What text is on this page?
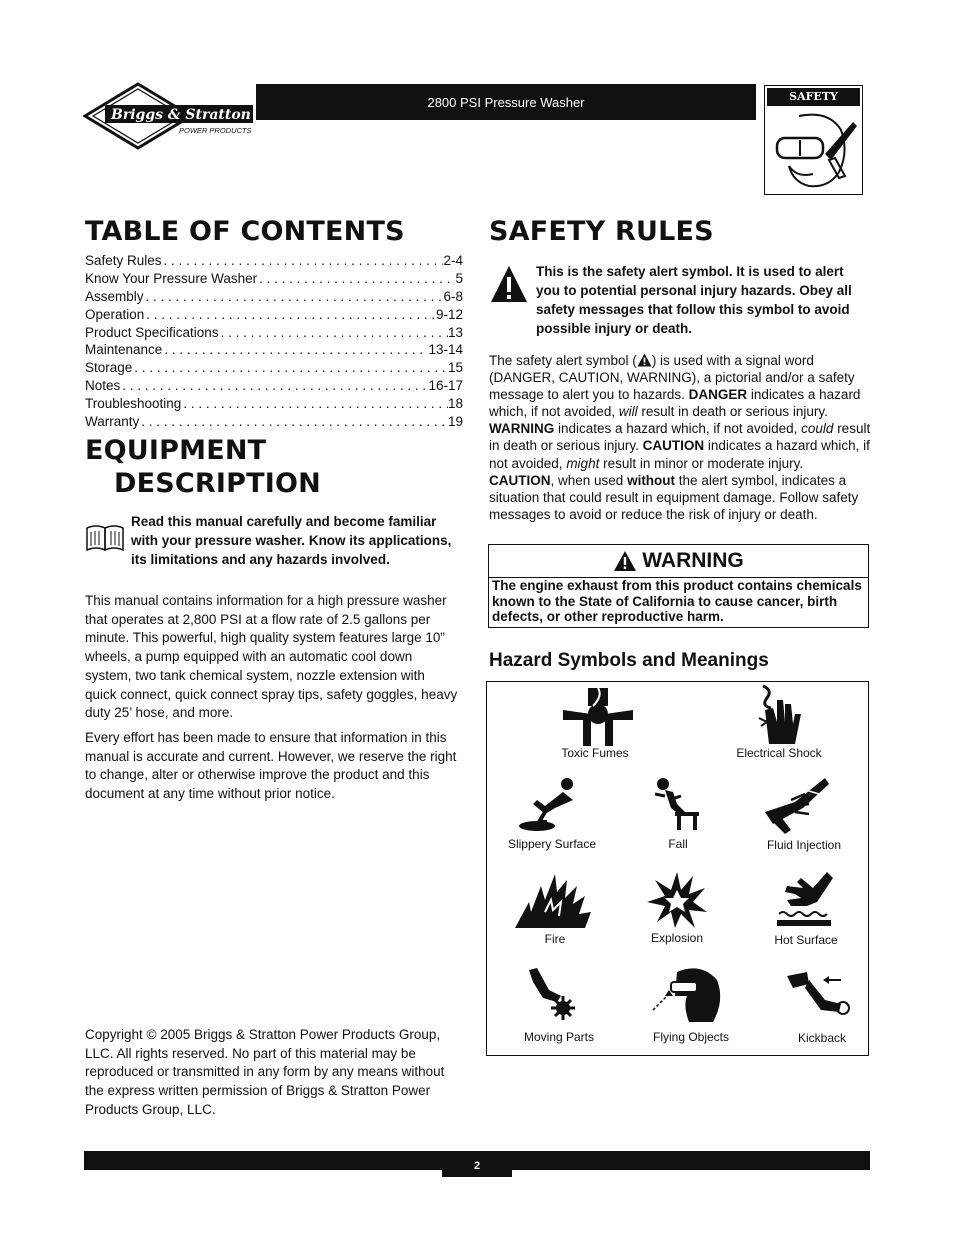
Briggs & Stratton
POWER PRODUCTS
2800 PSI Pressure Washer	SAFETY RULES
TABLE OF CONTENTS
Safety Rules . . .	2-4
Know Your Pressure Washer . . .	5
Assembly . . .	6-8
Operation . . .	9-12
Product Specifications . . .	13
Maintenance . . .	13-14
Storage . . .	15
Notes . . .	16-17
Troubleshooting . . .	18
Warranty . . .	19
EQUIPMENT
DESCRIPTION
Read this manual carefully and become familiar with your pressure washer. Know its applications, its limitations and any hazards involved.
This manual contains information for a high pressure washer that operates at 2,800 PSI at a flow rate of 2.5 gallons per minute. This powerful, high quality system features large 10” wheels, a pump equipped with an automatic cool down system, two tank chemical system, nozzle extension with quick connect, quick connect spray tips, safety goggles, heavy duty 25’ hose, and more.
Every effort has been made to ensure that information in this manual is accurate and current. However, we reserve the right to change, alter or otherwise improve the product and this document at any time without prior notice.
Copyright © 2005 Briggs & Stratton Power Products Group, LLC. All rights reserved. No part of this material may be reproduced or transmitted in any form by any means without the express written permission of Briggs & Stratton Power Products Group, LLC.
SAFETY RULES
This is the safety alert symbol. It is used to alert you to potential personal injury hazards. Obey all safety messages that follow this symbol to avoid possible injury or death.
The safety alert symbol ( ) is used with a signal word (DANGER, CAUTION, WARNING), a pictorial and/or a safety message to alert you to hazards. DANGER indicates a hazard which, if not avoided, will result in death or serious injury. WARNING indicates a hazard which, if not avoided, could result in death or serious injury. CAUTION indicates a hazard which, if not avoided, might result in minor or moderate injury. CAUTION, when used without the alert symbol, indicates a situation that could result in equipment damage. Follow safety messages to avoid or reduce the risk of injury or death.
WARNING
The engine exhaust from this product contains chemicals known to the State of California to cause cancer, birth defects, or other reproductive harm.
Hazard Symbols and Meanings
Toxic Fumes	Electrical Shock
Slippery Surface	Fall	Fluid Injection
Fire	Explosion	Hot Surface
Moving Parts	Flying Objects	Kickback
2
